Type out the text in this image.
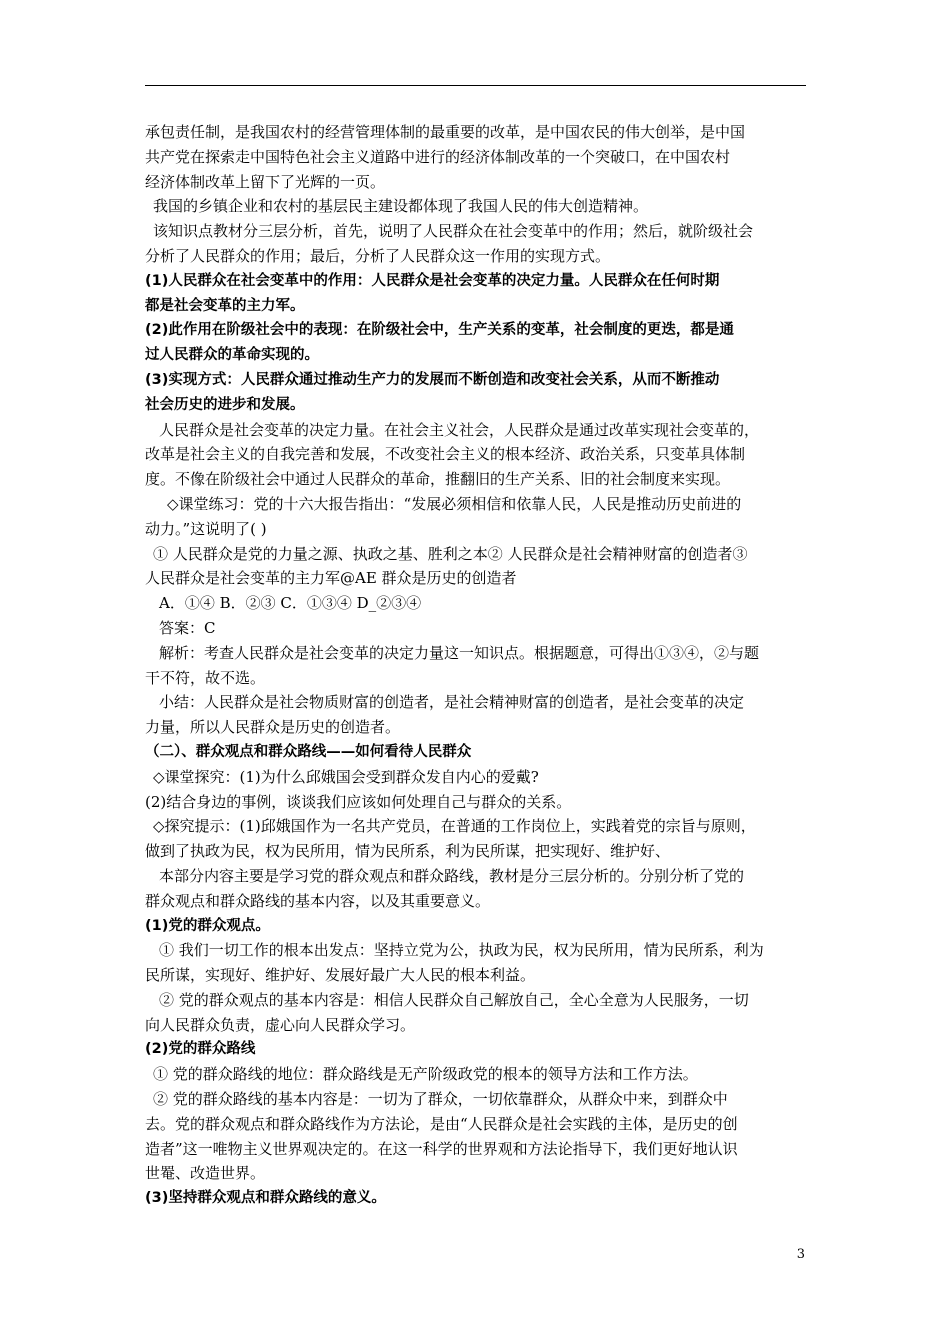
承包责任制，是我国农村的经营管理体制的最重要的改革，是中国农民的伟大创举，是中国

共产党在探索走中国特色社会主义道路中进行的经济体制改革的一个突破口，在中国农村

经济体制改革上留下了光辉的一页。

我国的乡镇企业和农村的基层民主建设都体现了我国人民的伟大创造精神。

该知识点教材分三层分析，首先，说明了人民群众在社会变革中的作用；然后，就阶级社会

分析了人民群众的作用；最后，分析了人民群众这一作用的实现方式。

(1)人民群众在社会变革中的作用：人民群众是社会变革的决定力量。人民群众在任何时期

都是社会变革的主力军。

(2)此作用在阶级社会中的表现：在阶级社会中，生产关系的变革，社会制度的更迭，都是通

过人民群众的革命实现的。

(3)实现方式：人民群众通过推动生产力的发展而不断创造和改变社会关系，从而不断推动

社会历史的进步和发展。

人民群众是社会变革的决定力量。在社会主义社会，人民群众是通过改革实现社会变革的，

改革是社会主义的自我完善和发展，不改变社会主义的根本经济、政治关系，只变革具体制

度。不像在阶级社会中通过人民群众的革命，推翻旧的生产关系、旧的社会制度来实现。

◇课堂练习：党的十六大报告指出：“发展必须相信和依靠人民，人民是推动历史前进的

动力。”这说明了( )

① 人民群众是党的力量之源、执政之基、胜利之本② 人民群众是社会精神财富的创造者③

人民群众是社会变革的主力军@AE 群众是历史的创造者

A．①④ B．②③ C．①③④ D_②③④

答案：C

解析：考查人民群众是社会变革的决定力量这一知识点。根据题意，可得出①③④，②与题

干不符，故不选。

小结：人民群众是社会物质财富的创造者，是社会精神财富的创造者，是社会变革的决定

力量，所以人民群众是历史的创造者。

（二）、群众观点和群众路线——如何看待人民群众

◇课堂探究：(1)为什么邱娥国会受到群众发自内心的爱戴?

(2)结合身边的事例，谈谈我们应该如何处理自己与群众的关系。

◇探究提示：(1)邱娥国作为一名共产党员，在普通的工作岗位上，实践着党的宗旨与原则，

做到了执政为民，权为民所用，情为民所系，利为民所谋，把实现好、维护好、

本部分内容主要是学习党的群众观点和群众路线，教材是分三层分析的。分别分析了党的

群众观点和群众路线的基本内容，以及其重要意义。

(1)党的群众观点。

① 我们一切工作的根本出发点：坚持立党为公，执政为民，权为民所用，情为民所系，利为

民所谋，实现好、维护好、发展好最广大人民的根本利益。

② 党的群众观点的基本内容是：相信人民群众自己解放自己，全心全意为人民服务，一切

向人民群众负责，虚心向人民群众学习。

(2)党的群众路线

① 党的群众路线的地位：群众路线是无产阶级政党的根本的领导方法和工作方法。

② 党的群众路线的基本内容是：一切为了群众，一切依靠群众，从群众中来，到群众中

去。党的群众观点和群众路线作为方法论，是由“人民群众是社会实践的主体，是历史的创

造者”这一唯物主义世界观决定的。在这一科学的世界观和方法论指导下，我们更好地认识

世罨、改造世界。

(3)坚持群众观点和群众路线的意义。

3
